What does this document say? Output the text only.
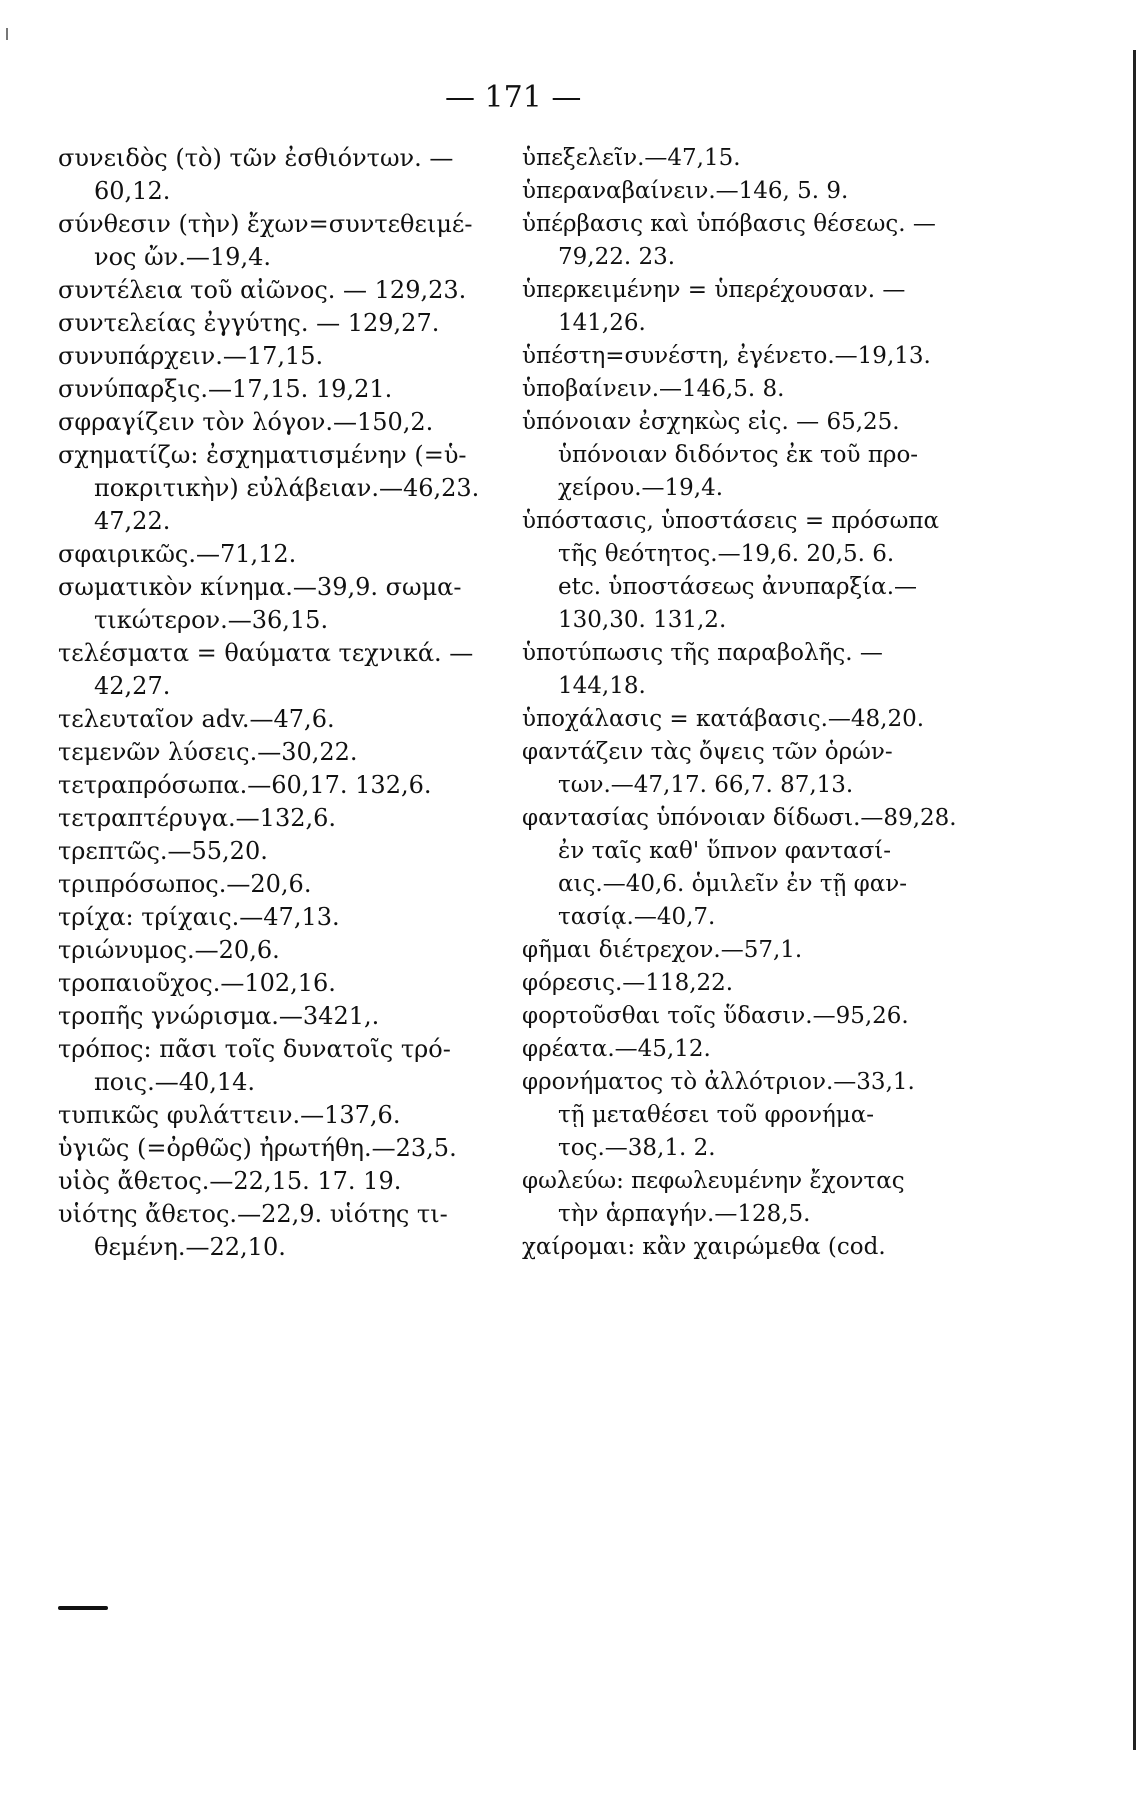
— 171 —
συνειδὸς (τὸ) τῶν ἐσθιόντων. —
60,12.
σύνθεσιν (τὴν) ἔχων=συντεθειμέ-
νος ὤν.—19,4.
συντέλεια τοῦ αἰῶνος. — 129,23.
συντελείας ἐγγύτης. — 129,27.
συνυπάρχειν.—17,15.
συνύπαρξις.—17,15. 19,21.
σφραγίζειν τὸν λόγον.—150,2.
σχηματίζω: ἐσχηματισμένην (=ὑ-
ποκριτικὴν) εὐλάβειαν.—46,23.
47,22.
σφαιρικῶς.—71,12.
σωματικὸν κίνημα.—39,9. σωμα-
τικώτερον.—36,15.
τελέσματα = θαύματα τεχνικά. —
42,27.
τελευταῖον adv.—47,6.
τεμενῶν λύσεις.—30,22.
τετραπρόσωπα.—60,17. 132,6.
τετραπτέρυγα.—132,6.
τρεπτῶς.—55,20.
τριπρόσωπος.—20,6.
τρίχα: τρίχαις.—47,13.
τριώνυμος.—20,6.
τροπαιοῦχος.—102,16.
τροπῆς γνώρισμα.—3421,.
τρόπος: πᾶσι τοῖς δυνατοῖς τρό-
ποις.—40,14.
τυπικῶς φυλάττειν.—137,6.
ὑγιῶς (=ὀρθῶς) ἠρωτήθη.—23,5.
υἱὸς ἄθετος.—22,15. 17. 19.
υἱότης ἄθετος.—22,9. υἱότης τι-
θεμένη.—22,10.
ὑπεξελεῖν.—47,15.
ὑπεραναβαίνειν.—146, 5. 9.
ὑπέρβασις καὶ ὑπόβασις θέσεως. —
79,22. 23.
ὑπερκειμένην = ὑπερέχουσαν. —
141,26.
ὑπέστη=συνέστη, ἐγένετο.—19,13.
ὑποβαίνειν.—146,5. 8.
ὑπόνοιαν ἐσχηκὼς εἰς. — 65,25.
ὑπόνοιαν διδόντος ἐκ τοῦ προ-
χείρου.—19,4.
ὑπόστασις, ὑποστάσεις = πρόσωπα
τῆς θεότητος.—19,6. 20,5. 6.
etc. ὑποστάσεως ἀνυπαρξία.—
130,30. 131,2.
ὑποτύπωσις τῆς παραβολῆς. —
144,18.
ὑποχάλασις = κατάβασις.—48,20.
φαντάζειν τὰς ὄψεις τῶν ὁρών-
των.—47,17. 66,7. 87,13.
φαντασίας ὑπόνοιαν δίδωσι.—89,28.
ἐν ταῖς καθ' ὕπνον φαντασί-
αις.—40,6. ὁμιλεῖν ἐν τῇ φαν-
τασίᾳ.—40,7.
φῆμαι διέτρεχον.—57,1.
φόρεσις.—118,22.
φορτοῦσθαι τοῖς ὕδασιν.—95,26.
φρέατα.—45,12.
φρονήματος τὸ ἀλλότριον.—33,1.
τῇ μεταθέσει τοῦ φρονήμα-
τος.—38,1. 2.
φωλεύω: πεφωλευμένην ἔχοντας
τὴν ἁρπαγήν.—128,5.
χαίρομαι: κἂν χαιρώμεθα (cod.
